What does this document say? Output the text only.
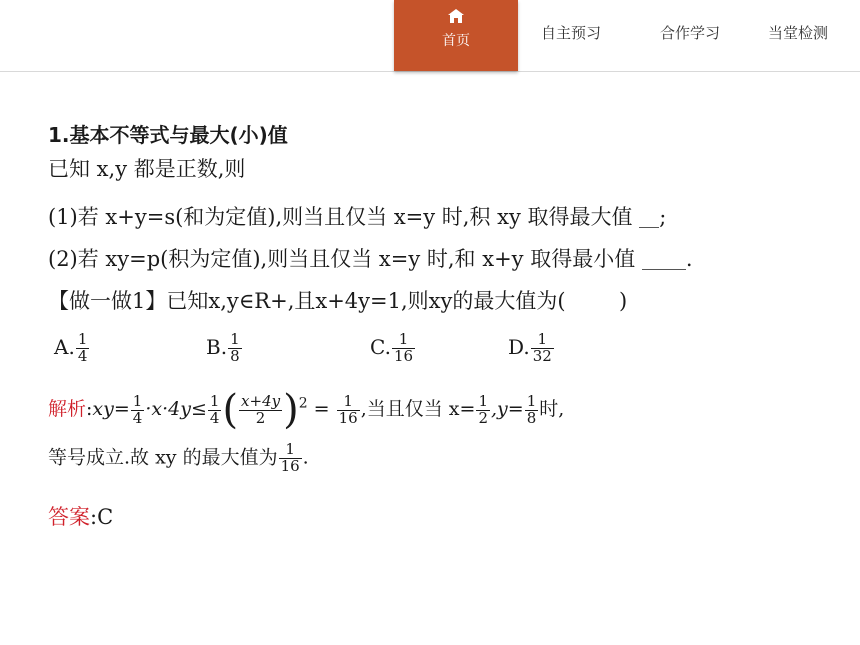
首页	自主预习	合作学习	当堂检测
1.基本不等式与最大(小)值
已知 x,y 都是正数,则
(1)若 x+y=s(和为定值),则当且仅当 x=y 时,积 xy 取得最大值 ;
(2)若 xy=p(积为定值),则当且仅当 x=y 时,和 x+y 取得最小值 .
【做一做1】已知x,y∈R+,且x+4y=1,则xy的最大值为(	)
A. $\frac{1}{4}$	B. $\frac{1}{8}$	C. $\frac{1}{16}$	D. $\frac{1}{32}$
解析:xy= $\frac{1}{4} \cdot x\cdot 4y\le \frac{1}{4}$ ( $\frac{x+4y}{2} )^2 = \frac{1}{16}$ ,当且仅当 $x= \frac{1}{2} ,y= \frac{1}{8}$ 时,
等号成立.故 xy 的最大值为 $\frac{1}{16}$ .
答案:C
